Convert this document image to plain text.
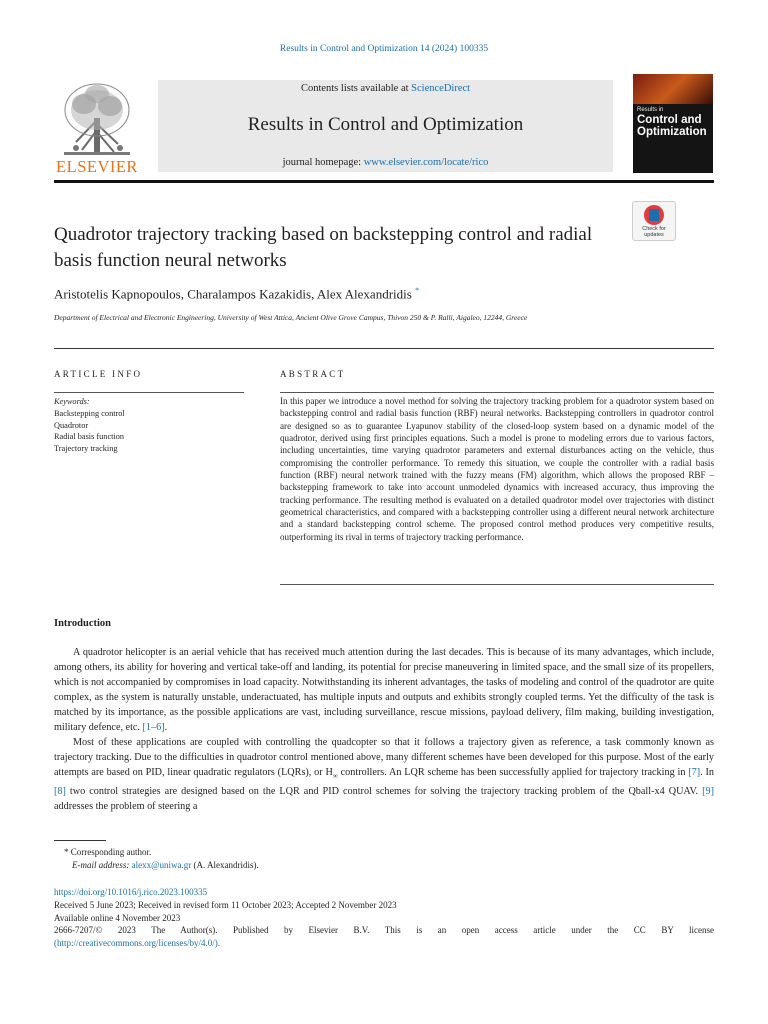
Results in Control and Optimization 14 (2024) 100335
ELSEVIER
Contents lists available at ScienceDirect
Results in Control and Optimization
journal homepage: www.elsevier.com/locate/rico
Results in
Control and Optimization
Quadrotor trajectory tracking based on backstepping control and radial basis function neural networks
Check for updates
Aristotelis Kapnopoulos, Charalampos Kazakidis, Alex Alexandridis *
Department of Electrical and Electronic Engineering, University of West Attica, Ancient Olive Grove Campus, Thivon 250 & P. Ralli, Aigaleo, 12244, Greece
ARTICLE INFO
Keywords:
Backstepping control
Quadrotor
Radial basis function
Trajectory tracking
ABSTRACT
In this paper we introduce a novel method for solving the trajectory tracking problem for a quadrotor system based on backstepping control and radial basis function (RBF) neural networks. Backstepping controllers in quadrotor control are designed so as to guarantee Lyapunov stability of the closed-loop system based on a dynamic model of the quadrotor, derived using first principles equations. Such a model is prone to modeling errors due to various factors, including uncertainties, time varying quadrotor parameters and external disturbances acting on the vehicle, thus compromising the controller performance. To remedy this situation, we couple the controller with a radial basis function (RBF) neural network trained with the fuzzy means (FM) algorithm, which allows the proposed RBF – backstepping framework to take into account unmodeled dynamics with increased accuracy, thus improving the tracking performance. The resulting method is evaluated on a detailed quadrotor model over trajectories with distinct geometrical characteristics, and compared with a backstepping controller using a different neural network architecture and a standard backstepping control scheme. The proposed control method produces very competitive results, outperforming its rival in terms of trajectory tracking performance.
Introduction

A quadrotor helicopter is an aerial vehicle that has received much attention during the last decades. This is because of its many advantages, which include, among others, its ability for hovering and vertical take-off and landing, its potential for precise maneuvering in limited space, and the small size of its propellers, which is not accompanied by compromises in load capacity. Notwithstanding its inherent advantages, the tasks of modeling and control of the quadrotor are quite complex, as the system is naturally unstable, underactuated, has multiple inputs and outputs and exhibits strongly coupled terms. Yet the difficulty of the task is matched by its importance, as the possible applications are vast, including surveillance, rescue missions, payload delivery, film making, building investigation, military defence, etc. [1–6].

Most of these applications are coupled with controlling the quadcopter so that it follows a trajectory given as reference, a task commonly known as trajectory tracking. Due to the difficulties in quadrotor control mentioned above, many different schemes have been developed for this purpose. Most of the early attempts are based on PID, linear quadratic regulators (LQRs), or $H_\infty$ controllers. An LQR scheme has been successfully applied for trajectory tracking in [7]. In [8] two control strategies are designed based on the LQR and PID control schemes for solving the trajectory tracking problem of the Qball-x4 QUAV. [9] addresses the problem of steering a

* Corresponding author.
E-mail address: alexx@uniwa.gr (A. Alexandridis).
https://doi.org/10.1016/j.rico.2023.100335
Received 5 June 2023; Received in revised form 11 October 2023; Accepted 2 November 2023
Available online 4 November 2023
2666-7207/© 2023 The Author(s). Published by Elsevier B.V. This is an open access article under the CC BY license
(http://creativecommons.org/licenses/by/4.0/).
